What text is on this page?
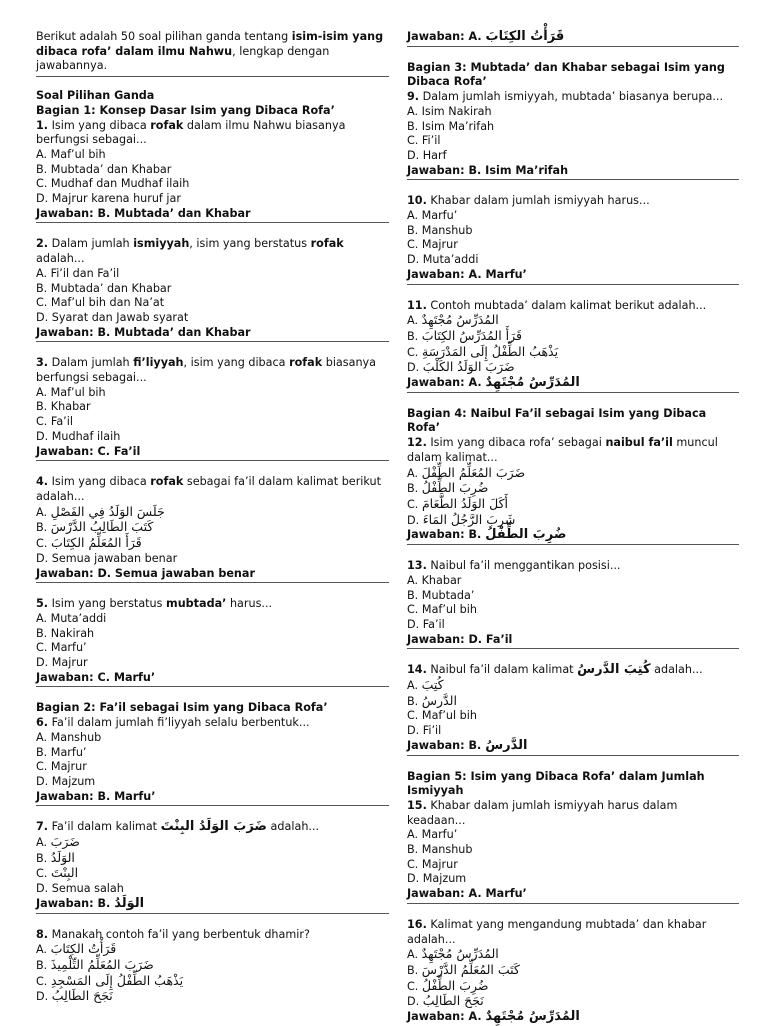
Berikut adalah 50 soal pilihan ganda tentang isim-isim yang dibaca rofa’ dalam ilmu Nahwu, lengkap dengan jawabannya.
Soal Pilihan Ganda
Bagian 1: Konsep Dasar Isim yang Dibaca Rofa’
1. Isim yang dibaca rofak dalam ilmu Nahwu biasanya berfungsi sebagai...
A. Maf’ul bih
B. Mubtada’ dan Khabar
C. Mudhaf dan Mudhaf ilaih
D. Majrur karena huruf jar
Jawaban: B. Mubtada’ dan Khabar
2. Dalam jumlah ismiyyah, isim yang berstatus rofak adalah...
A. Fi’il dan Fa’il
B. Mubtada’ dan Khabar
C. Maf’ul bih dan Na’at
D. Syarat dan Jawab syarat
Jawaban: B. Mubtada’ dan Khabar
3. Dalam jumlah fi’liyyah, isim yang dibaca rofak biasanya berfungsi sebagai...
A. Maf’ul bih
B. Khabar
C. Fa’il
D. Mudhaf ilaih
Jawaban: C. Fa’il
4. Isim yang dibaca rofak sebagai fa’il dalam kalimat berikut adalah...
A. جَلَسَ الوَلَدُ فِي الفَصْلِ
B. كَتَبَ الطَالِبُ الدَّرْسَ
C. قَرَأَ المُعَلِّمُ الكِتَابَ
D. Semua jawaban benar
Jawaban: D. Semua jawaban benar
5. Isim yang berstatus mubtada’ harus...
A. Muta’addi
B. Nakirah
C. Marfu’
D. Majrur
Jawaban: C. Marfu’
Bagian 2: Fa’il sebagai Isim yang Dibaca Rofa’
6. Fa’il dalam jumlah fi’liyyah selalu berbentuk...
A. Manshub
B. Marfu’
C. Majrur
D. Majzum
Jawaban: B. Marfu’
7. Fa’il dalam kalimat ضَرَبَ الوَلَدُ البِنْتَ adalah...
A. ضَرَبَ
B. الوَلَدُ
C. البِنْتَ
D. Semua salah
Jawaban: B. الوَلَدُ
8. Manakah contoh fa’il yang berbentuk dhamir?
A. قَرَأْتُ الكِتَابَ
B. ضَرَبَ المُعَلِّمُ التِّلْمِيذَ
C. يَذْهَبُ الطِّفْلُ إِلَى المَسْجِدِ
D. نَجَحَ الطَالِبُ
Jawaban: A. قَرَأْتُ الكِتَابَ
Bagian 3: Mubtada’ dan Khabar sebagai Isim yang Dibaca Rofa’
9. Dalam jumlah ismiyyah, mubtada’ biasanya berupa...
A. Isim Nakirah
B. Isim Ma’rifah
C. Fi’il
D. Harf
Jawaban: B. Isim Ma’rifah
10. Khabar dalam jumlah ismiyyah harus...
A. Marfu’
B. Manshub
C. Majrur
D. Muta’addi
Jawaban: A. Marfu’
11. Contoh mubtada’ dalam kalimat berikut adalah...
A. المُدَرِّسُ مُجْتَهِدٌ
B. قَرَأَ المُدَرِّسُ الكِتَابَ
C. يَذْهَبُ الطِّفْلُ إِلَى المَدْرَسَةِ
D. ضَرَبَ الوَلَدُ الكَلْبَ
Jawaban: A. المُدَرِّسُ مُجْتَهِدٌ
Bagian 4: Naibul Fa’il sebagai Isim yang Dibaca Rofa’
12. Isim yang dibaca rofa’ sebagai naibul fa’il muncul dalam kalimat...
A. ضَرَبَ المُعَلِّمُ الطِّفْلَ
B. ضُرِبَ الطِّفْلُ
C. أَكَلَ الوَلَدُ الطَّعَامَ
D. شَرِبَ الرَّجُلُ المَاءَ
Jawaban: B. ضُرِبَ الطِّفْلُ
13. Naibul fa’il menggantikan posisi...
A. Khabar
B. Mubtada’
C. Maf’ul bih
D. Fa’il
Jawaban: D. Fa’il
14. Naibul fa’il dalam kalimat كُتِبَ الدَّرسُ adalah...
A. كُتِبَ
B. الدَّرسُ
C. Maf’ul bih
D. Fi’il
Jawaban: B. الدَّرسُ
Bagian 5: Isim yang Dibaca Rofa’ dalam Jumlah Ismiyyah
15. Khabar dalam jumlah ismiyyah harus dalam keadaan...
A. Marfu’
B. Manshub
C. Majrur
D. Majzum
Jawaban: A. Marfu’
16. Kalimat yang mengandung mubtada’ dan khabar adalah...
A. المُدَرِّسُ مُجْتَهِدٌ
B. كَتَبَ المُعَلِّمُ الدَّرْسَ
C. ضُرِبَ الطِّفْلُ
D. نَجَحَ الطَالِبُ
Jawaban: A. المُدَرِّسُ مُجْتَهِدٌ
